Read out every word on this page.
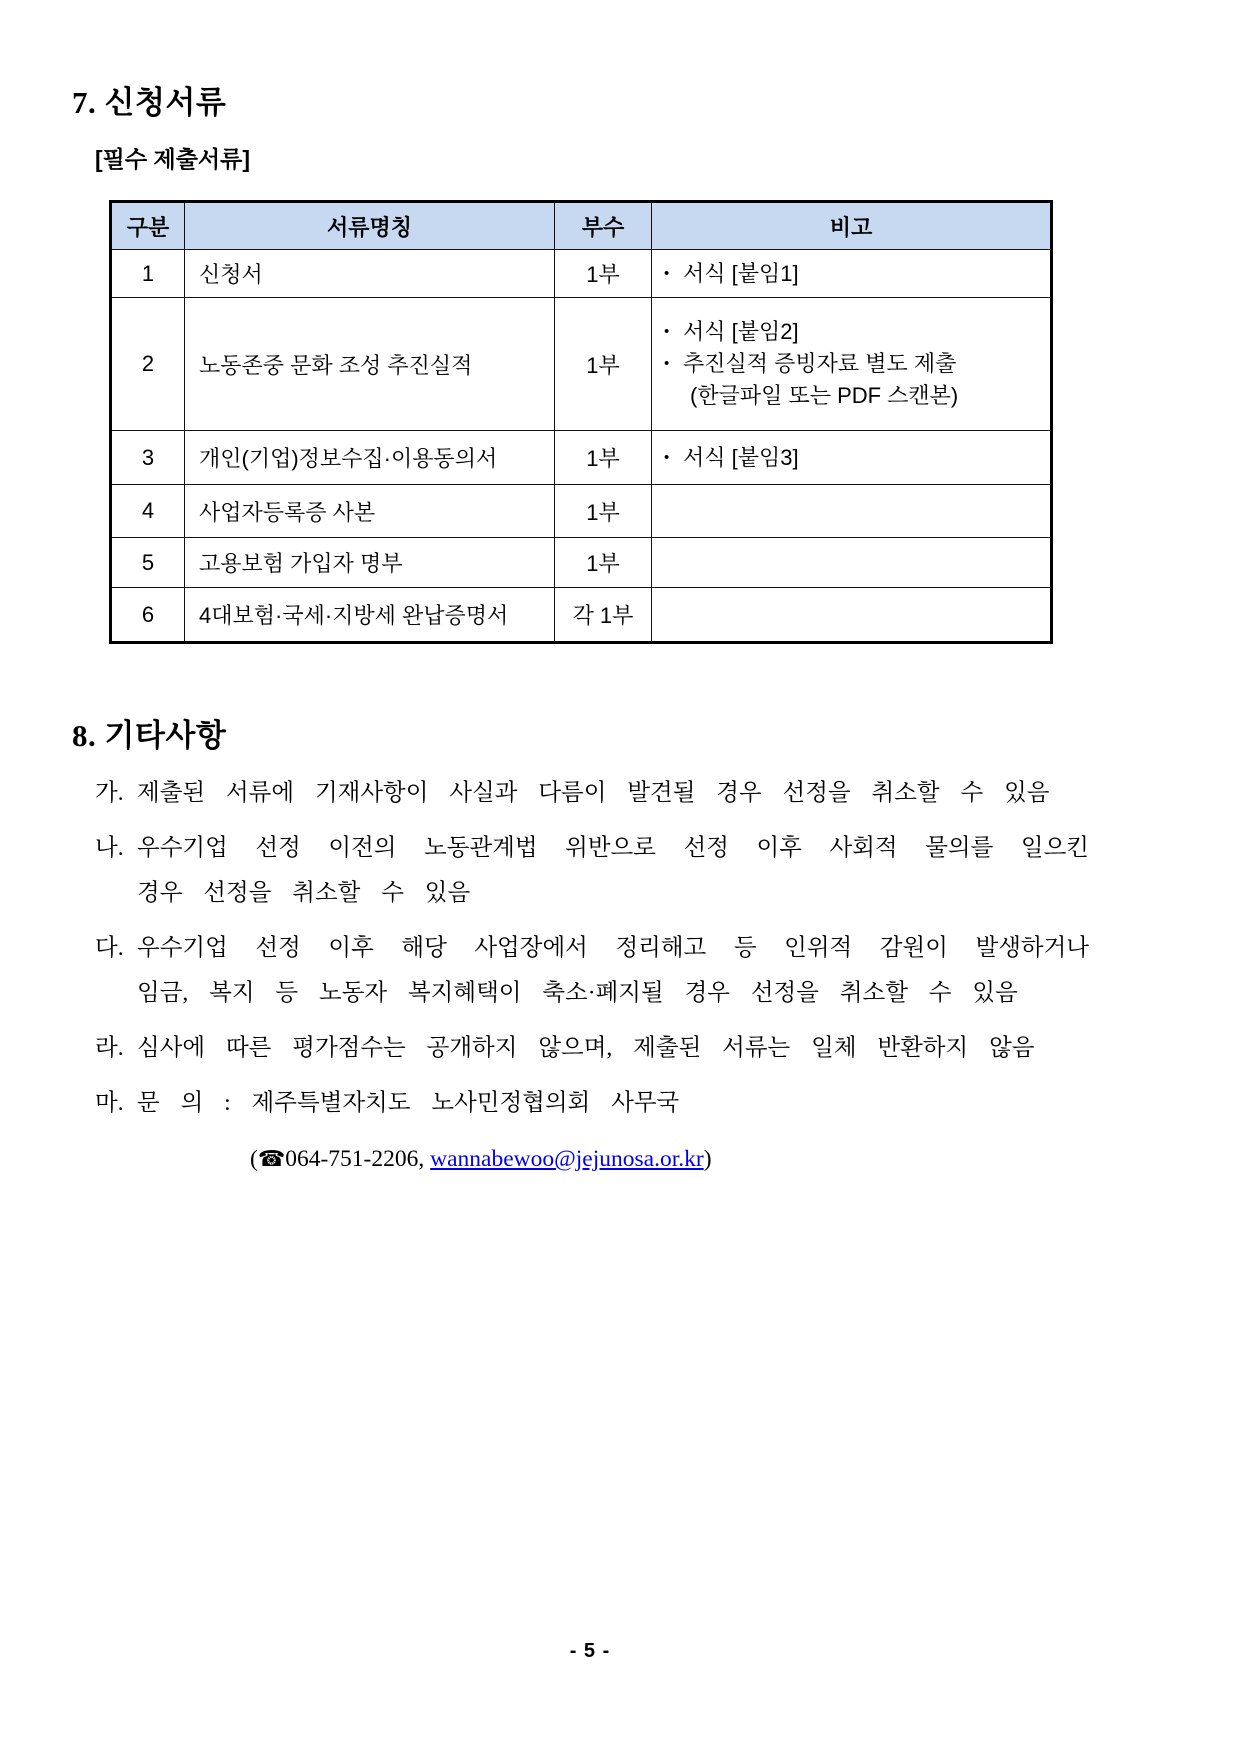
7. 신청서류
[필수 제출서류]
구분	서류명칭	부수	비고
1	신청서	1부	• 서식 [붙임1]

2	노동존중 문화 조성 추진실적	1부	• 서식 [붙임2]
• 추진실적 증빙자료 별도 제출
(한글파일 또는 PDF 스캔본)

3	개인(기업)정보수집·이용동의서	1부	• 서식 [붙임3]

4	사업자등록증 사본	1부	
5	고용보험 가입자 명부	1부	
6	4대보험·국세·지방세 완납증명서	각 1부	
8. 기타사항
가. 제출된 서류에 기재사항이 사실과 다름이 발견될 경우 선정을 취소할 수 있음
나. 우수기업 선정 이전의 노동관계법 위반으로 선정 이후 사회적 물의를 일으킨 경우 선정을 취소할 수 있음
다. 우수기업 선정 이후 해당 사업장에서 정리해고 등 인위적 감원이 발생하거나 임금, 복지 등 노동자 복지혜택이 축소·폐지될 경우 선정을 취소할 수 있음
라. 심사에 따른 평가점수는 공개하지 않으며, 제출된 서류는 일체 반환하지 않음
마. 문 의 : 제주특별자치도 노사민정협의회 사무국
(☎064-751-2206, wannabewoo@jejunosa.or.kr)
- 5 -
